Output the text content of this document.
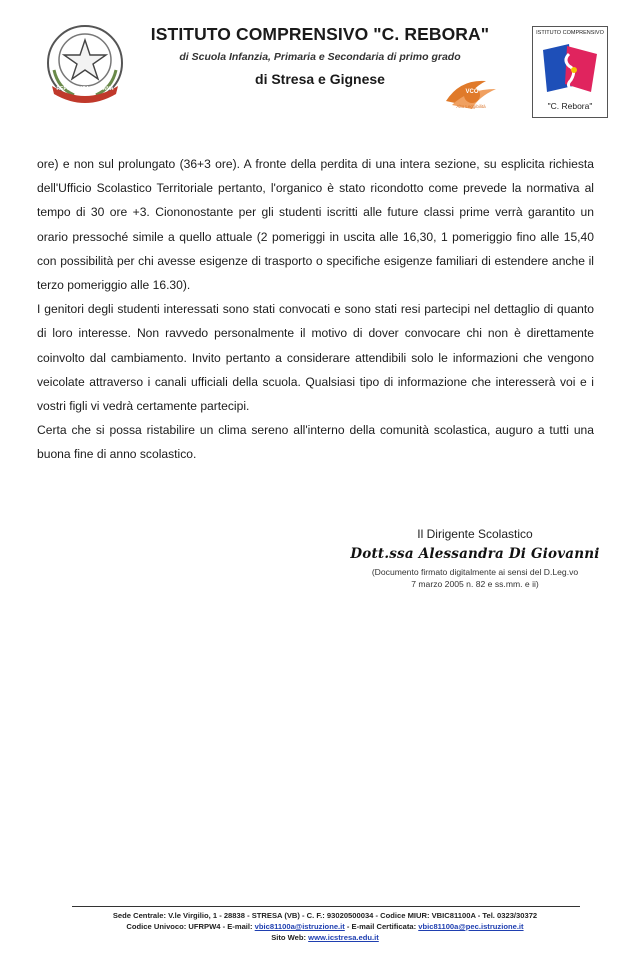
REPUBBLICA ITALIANA
ISTITUTO COMPRENSIVO "C. REBORA"
di Scuola Infanzia, Primaria e Secondaria di primo grado
di Stresa e Gignese
VCO
Alto Leggibilità
ISTITUTO COMPRENSIVO
"C. Rebora"

ore) e non sul prolungato (36+3 ore). A fronte della perdita di una intera sezione, su esplicita richiesta dell'Ufficio Scolastico Territoriale pertanto, l'organico è stato ricondotto come prevede la normativa al tempo di 30 ore +3. Ciononostante per gli studenti iscritti alle future classi prime verrà garantito un orario pressoché simile a quello attuale (2 pomeriggi in uscita alle 16,30, 1 pomeriggio fino alle 15,40 con possibilità per chi avesse esigenze di trasporto o specifiche esigenze familiari di estendere anche il terzo pomeriggio alle 16.30).

I genitori degli studenti interessati sono stati convocati e sono stati resi partecipi nel dettaglio di quanto di loro interesse. Non ravvedo personalmente il motivo di dover convocare chi non è direttamente coinvolto dal cambiamento. Invito pertanto a considerare attendibili solo le informazioni che vengono veicolate attraverso i canali ufficiali della scuola. Qualsiasi tipo di informazione che interesserà voi e i vostri figli vi vedrà certamente partecipi.

Certa che si possa ristabilire un clima sereno all'interno della comunità scolastica, auguro a tutti una buona fine di anno scolastico.

Il Dirigente Scolastico
Dott.ssa Alessandra Di Giovanni
(Documento firmato digitalmente ai sensi del D.Leg.vo
7 marzo 2005 n. 82 e ss.mm. e ii)
Sede Centrale: V.le Virgilio, 1 - 28838 - STRESA (VB) - C. F.: 93020500034 - Codice MIUR: VBIC81100A - Tel. 0323/30372
Codice Univoco: UFRPW4 - E-mail: vbic81100a@istruzione.it - E-mail Certificata: vbic81100a@pec.istruzione.it
Sito Web: www.icstresa.edu.it
